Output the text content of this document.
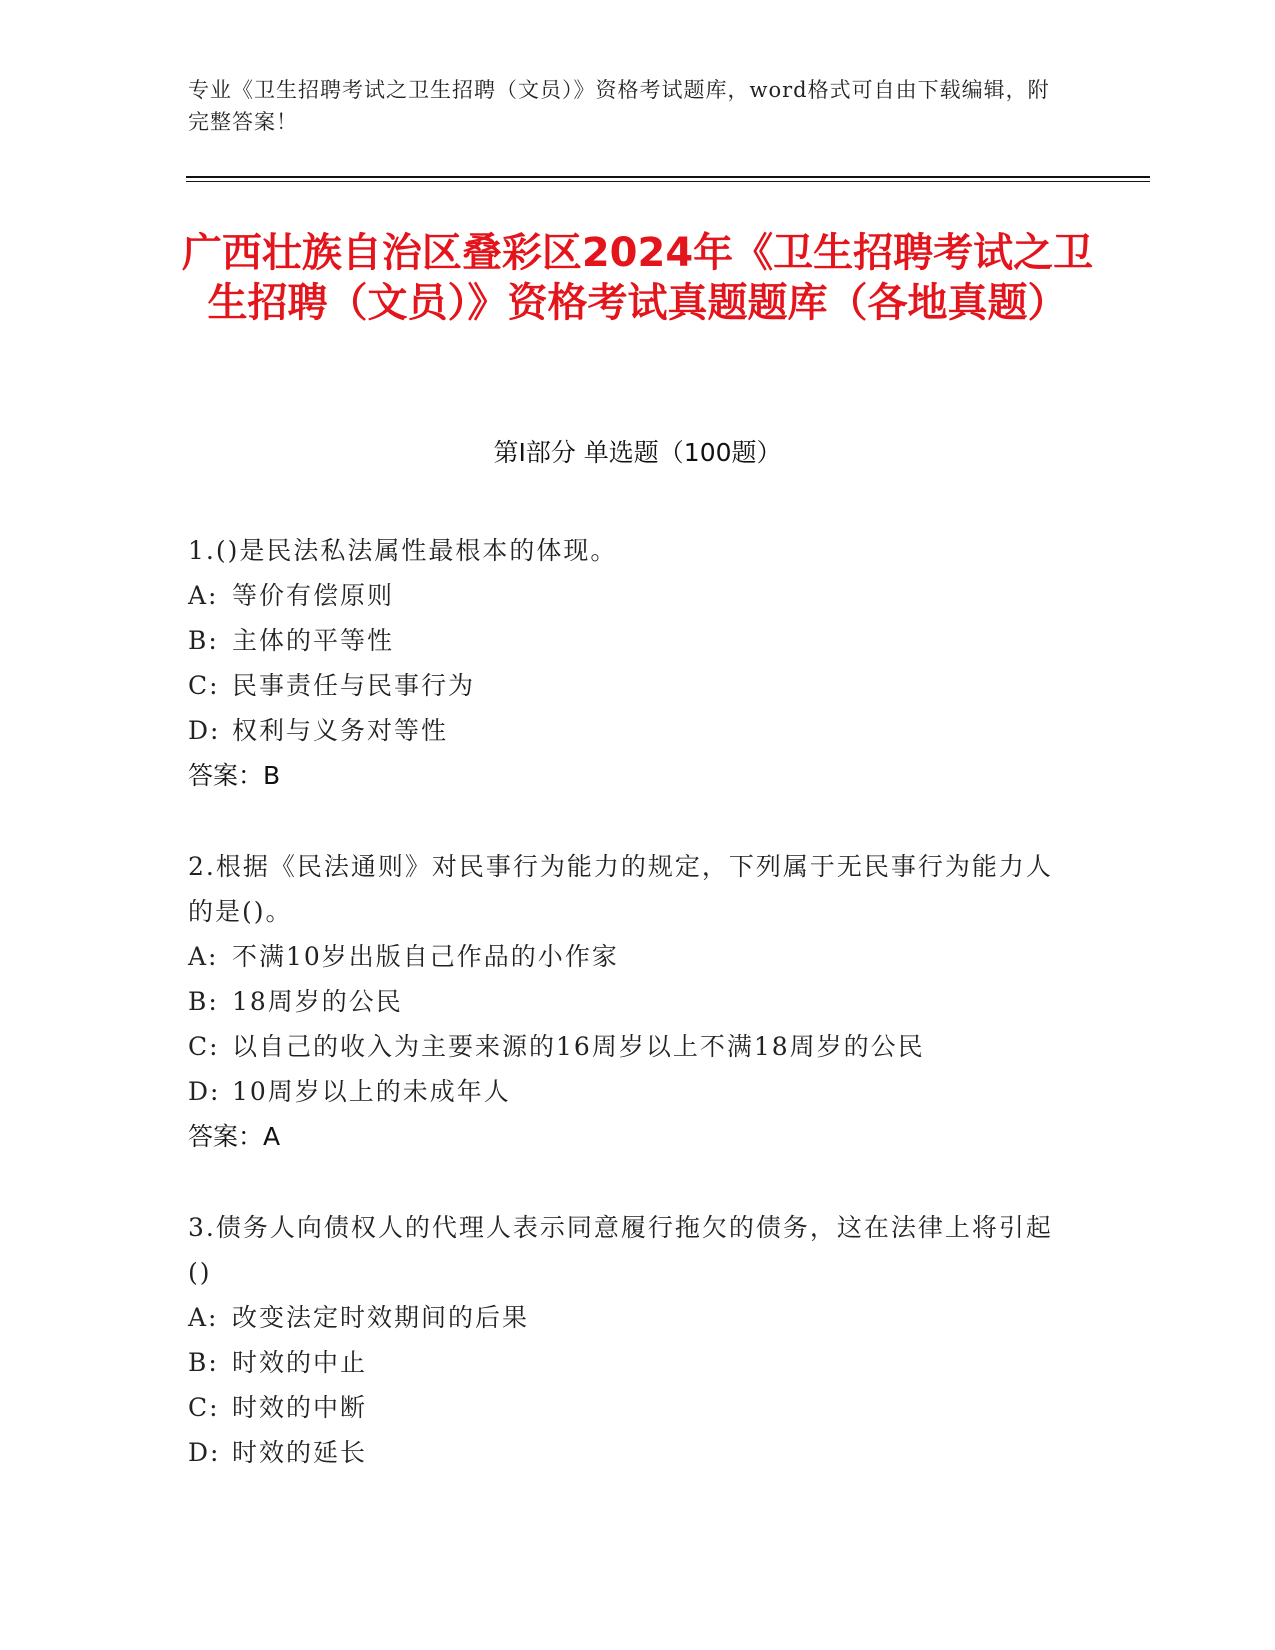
专业《卫生招聘考试之卫生招聘（文员）》资格考试题库，word格式可自由下载编辑，附完整答案！
广西壮族自治区叠彩区2024年《卫生招聘考试之卫生招聘（文员）》资格考试真题题库（各地真题）
第I部分 单选题（100题）
1.()是民法私法属性最根本的体现。
A: 等价有偿原则
B: 主体的平等性
C: 民事责任与民事行为
D: 权利与义务对等性
答案：B
2.根据《民法通则》对民事行为能力的规定，下列属于无民事行为能力人的是()。
A: 不满10岁出版自己作品的小作家
B: 18周岁的公民
C: 以自己的收入为主要来源的16周岁以上不满18周岁的公民
D: 10周岁以上的未成年人
答案：A
3.债务人向债权人的代理人表示同意履行拖欠的债务，这在法律上将引起()
A: 改变法定时效期间的后果
B: 时效的中止
C: 时效的中断
D: 时效的延长
